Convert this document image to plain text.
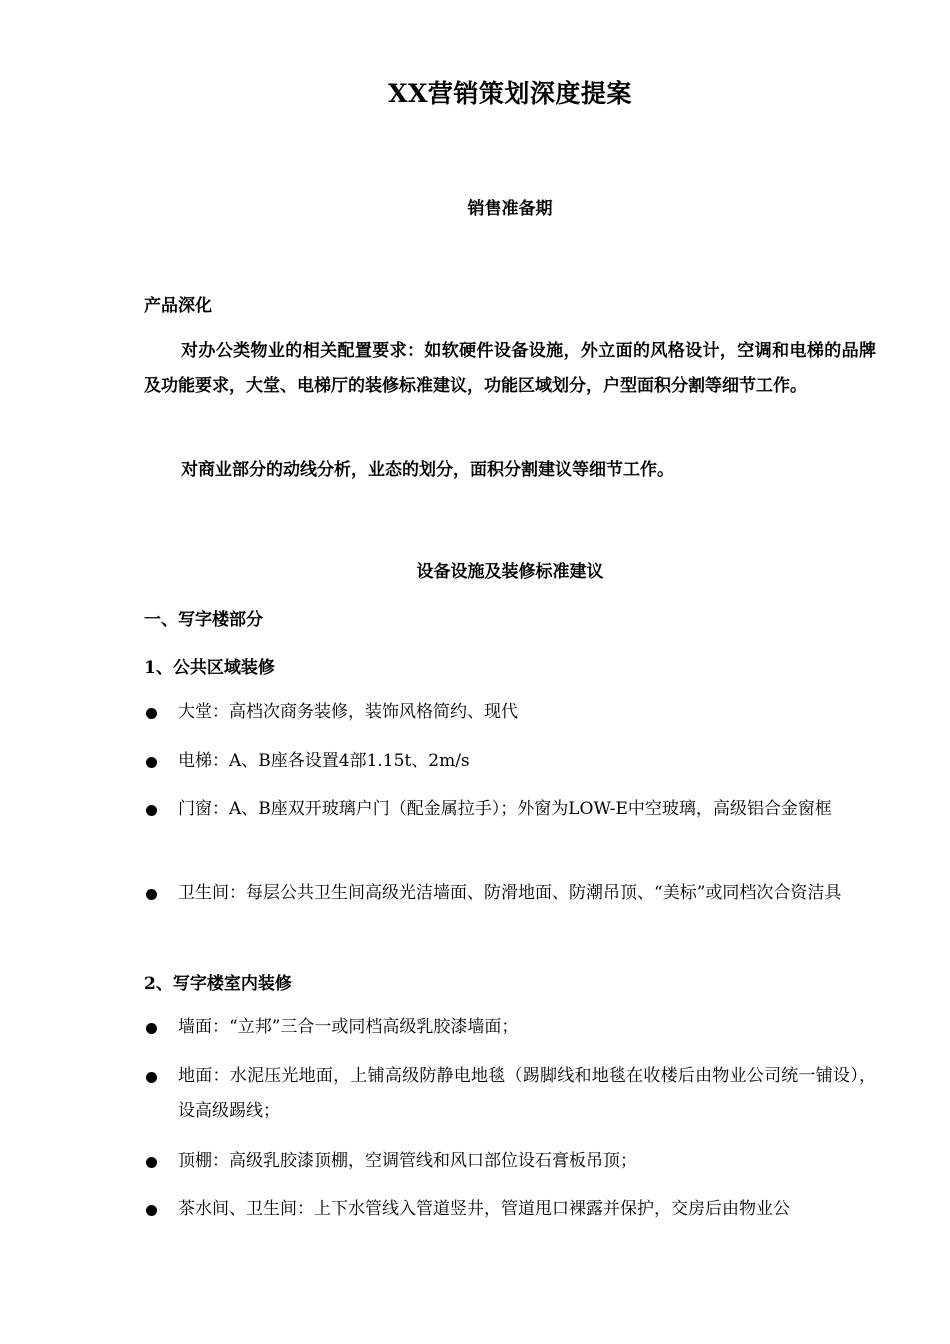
XX营销策划深度提案
销售准备期
产品深化
对办公类物业的相关配置要求：如软硬件设备设施，外立面的风格设计，空调和电梯的品牌及功能要求，大堂、电梯厅的装修标准建议，功能区域划分，户型面积分割等细节工作。
对商业部分的动线分析，业态的划分，面积分割建议等细节工作。
设备设施及装修标准建议
一、写字楼部分
1、公共区域装修
大堂：高档次商务装修，装饰风格简约、现代
电梯：A、B座各设置4部1.15t、2m/s
门窗：A、B座双开玻璃户门（配金属拉手）；外窗为LOW-E中空玻璃，高级铝合金窗框
卫生间：每层公共卫生间高级光洁墙面、防滑地面、防潮吊顶、“美标”或同档次合资洁具
2、写字楼室内装修
墙面：“立邦”三合一或同档高级乳胶漆墙面；
地面：水泥压光地面，上铺高级防静电地毯（踢脚线和地毯在收楼后由物业公司统一铺设）， 设高级踢线；
顶棚：高级乳胶漆顶棚，空调管线和风口部位设石膏板吊顶；
茶水间、卫生间：上下水管线入管道竖井，管道甩口裸露并保护，交房后由物业公
